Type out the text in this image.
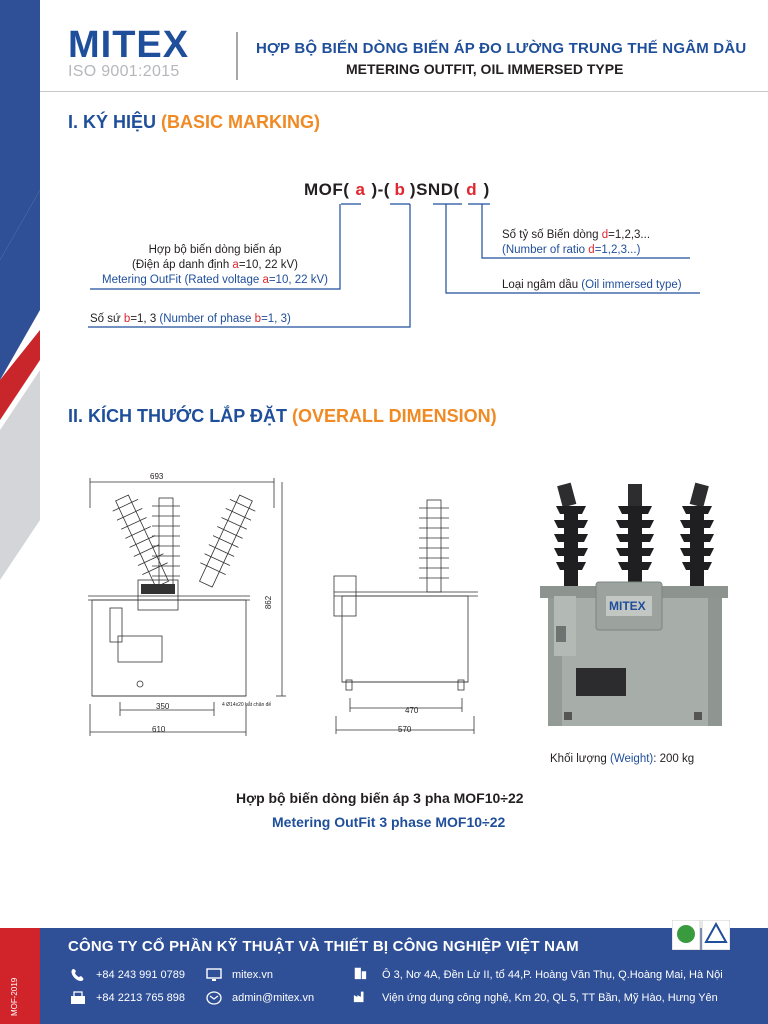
MITEX
ISO 9001:2015
HỢP BỘ BIẾN DÒNG BIẾN ÁP ĐO LƯỜNG TRUNG THẾ NGÂM DẦU
METERING OUTFIT, OIL IMMERSED TYPE
I. KÝ HIỆU (BASIC MARKING)
MOF( a )-( b )SND( d )
Số tỷ số Biến dòng d=1,2,3...
(Number of ratio d=1,2,3...)
Hợp bộ biến dòng biến áp
(Điện áp danh định a=10, 22 kV)
Metering OutFit (Rated voltage a=10, 22 kV)	Loại ngâm dầu (Oil immersed type)
Số sứ b=1, 3 (Number of phase b=1, 3)
II. KÍCH THƯỚC LẮP ĐẶT (OVERALL DIMENSION)
693
862
350
610
4 Ø14x20 bắt chân đế
470
570
MITEX
Khối lượng (Weight): 200 kg
Hợp bộ biến dòng biến áp 3 pha MOF10÷22
Metering OutFit 3 phase MOF10÷22
MOF-2019
CÔNG TY CỔ PHẦN KỸ THUẬT VÀ THIẾT BỊ CÔNG NGHIỆP VIỆT NAM
+84 243 991 0789	mitex.vn	Ô 3, Nơ 4A, Đền Lừ II, tổ 44,P. Hoàng Văn Thụ, Q.Hoàng Mai, Hà Nội
+84 2213 765 898	admin@mitex.vn	Viện ứng dụng công nghệ, Km 20, QL 5, TT Bần, Mỹ Hào, Hưng Yên
